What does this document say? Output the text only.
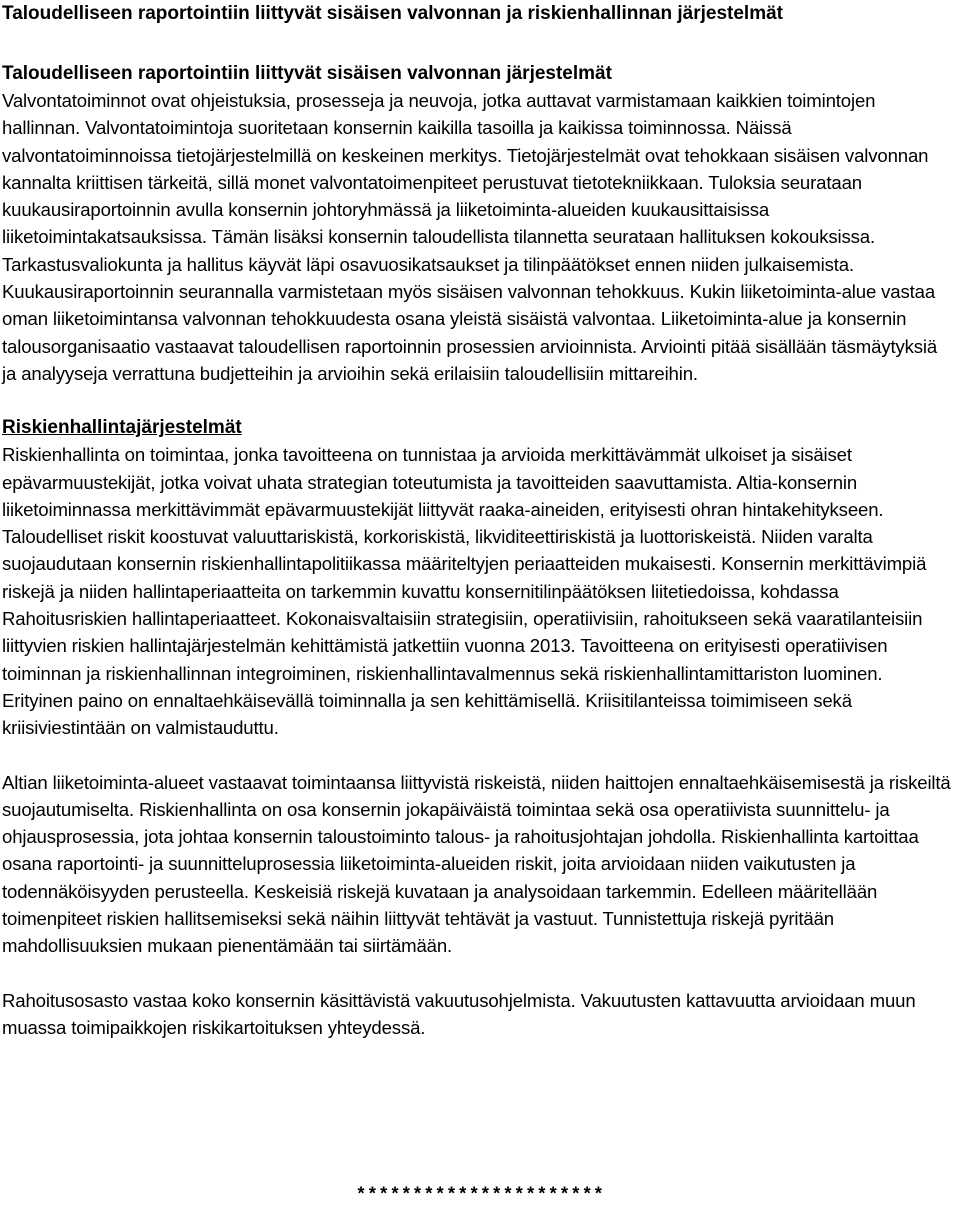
Taloudelliseen raportointiin liittyvät sisäisen valvonnan ja riskienhallinnan järjestelmät
Taloudelliseen raportointiin liittyvät sisäisen valvonnan järjestelmät

Valvontatoiminnot ovat ohjeistuksia, prosesseja ja neuvoja, jotka auttavat varmistamaan kaikkien toimintojen hallinnan. Valvontatoimintoja suoritetaan konsernin kaikilla tasoilla ja kaikissa toiminnossa. Näissä valvontatoiminnoissa tietojärjestelmillä on keskeinen merkitys. Tietojärjestelmät ovat tehokkaan sisäisen valvonnan kannalta kriittisen tärkeitä, sillä monet valvontatoimenpiteet perustuvat tietotekniikkaan. Tuloksia seurataan kuukausiraportoinnin avulla konsernin johtoryhmässä ja liiketoiminta-alueiden kuukausittaisissa liiketoimintakatsauksissa. Tämän lisäksi konsernin taloudellista tilannetta seurataan hallituksen kokouksissa. Tarkastusvaliokunta ja hallitus käyvät läpi osavuosikatsaukset ja tilinpäätökset ennen niiden julkaisemista. Kuukausiraportoinnin seurannalla varmistetaan myös sisäisen valvonnan tehokkuus. Kukin liiketoiminta-alue vastaa oman liiketoimintansa valvonnan tehokkuudesta osana yleistä sisäistä valvontaa. Liiketoiminta-alue ja konsernin talousorganisaatio vastaavat taloudellisen raportoinnin prosessien arvioinnista. Arviointi pitää sisällään täsmäytyksiä ja analyyseja verrattuna budjetteihin ja arvioihin sekä erilaisiin taloudellisiin mittareihin.

Riskienhallintajärjestelmät

Riskienhallinta on toimintaa, jonka tavoitteena on tunnistaa ja arvioida merkittävämmät ulkoiset ja sisäiset epävarmuustekijät, jotka voivat uhata strategian toteutumista ja tavoitteiden saavuttamista. Altia-konsernin liiketoiminnassa merkittävimmät epävarmuustekijät liittyvät raaka-aineiden, erityisesti ohran hintakehitykseen. Taloudelliset riskit koostuvat valuuttariskistä, korkoriskistä, likviditeettiriskistä ja luottoriskeistä. Niiden varalta suojaudutaan konsernin riskienhallintapolitiikassa määriteltyjen periaatteiden mukaisesti. Konsernin merkittävimpiä riskejä ja niiden hallintaperiaatteita on tarkemmin kuvattu konsernitilinpäätöksen liitetiedoissa, kohdassa Rahoitusriskien hallintaperiaatteet. Kokonaisvaltaisiin strategisiin, operatiivisiin, rahoitukseen sekä vaaratilanteisiin liittyvien riskien hallintajärjestelmän kehittämistä jatkettiin vuonna 2013. Tavoitteena on erityisesti operatiivisen toiminnan ja riskienhallinnan integroiminen, riskienhallintavalmennus sekä riskienhallintamittariston luominen. Erityinen paino on ennaltaehkäisevällä toiminnalla ja sen kehittämisellä. Kriisitilanteissa toimimiseen sekä kriisiviestintään on valmistauduttu.

Altian liiketoiminta-alueet vastaavat toimintaansa liittyvistä riskeistä, niiden haittojen ennaltaehkäisemisestä ja riskeiltä suojautumiselta. Riskienhallinta on osa konsernin jokapäiväistä toimintaa sekä osa operatiivista suunnittelu- ja ohjausprosessia, jota johtaa konsernin taloustoiminto talous- ja rahoitusjohtajan johdolla. Riskienhallinta kartoittaa osana raportointi- ja suunnitteluprosessia liiketoiminta-alueiden riskit, joita arvioidaan niiden vaikutusten ja todennäköisyyden perusteella. Keskeisiä riskejä kuvataan ja analysoidaan tarkemmin. Edelleen määritellään toimenpiteet riskien hallitsemiseksi sekä näihin liittyvät tehtävät ja vastuut. Tunnistettuja riskejä pyritään mahdollisuuksien mukaan pienentämään tai siirtämään.

Rahoitusosasto vastaa koko konsernin käsittävistä vakuutusohjelmista. Vakuutusten kattavuutta arvioidaan muun muassa toimipaikkojen riskikartoituksen yhteydessä.

**********************
